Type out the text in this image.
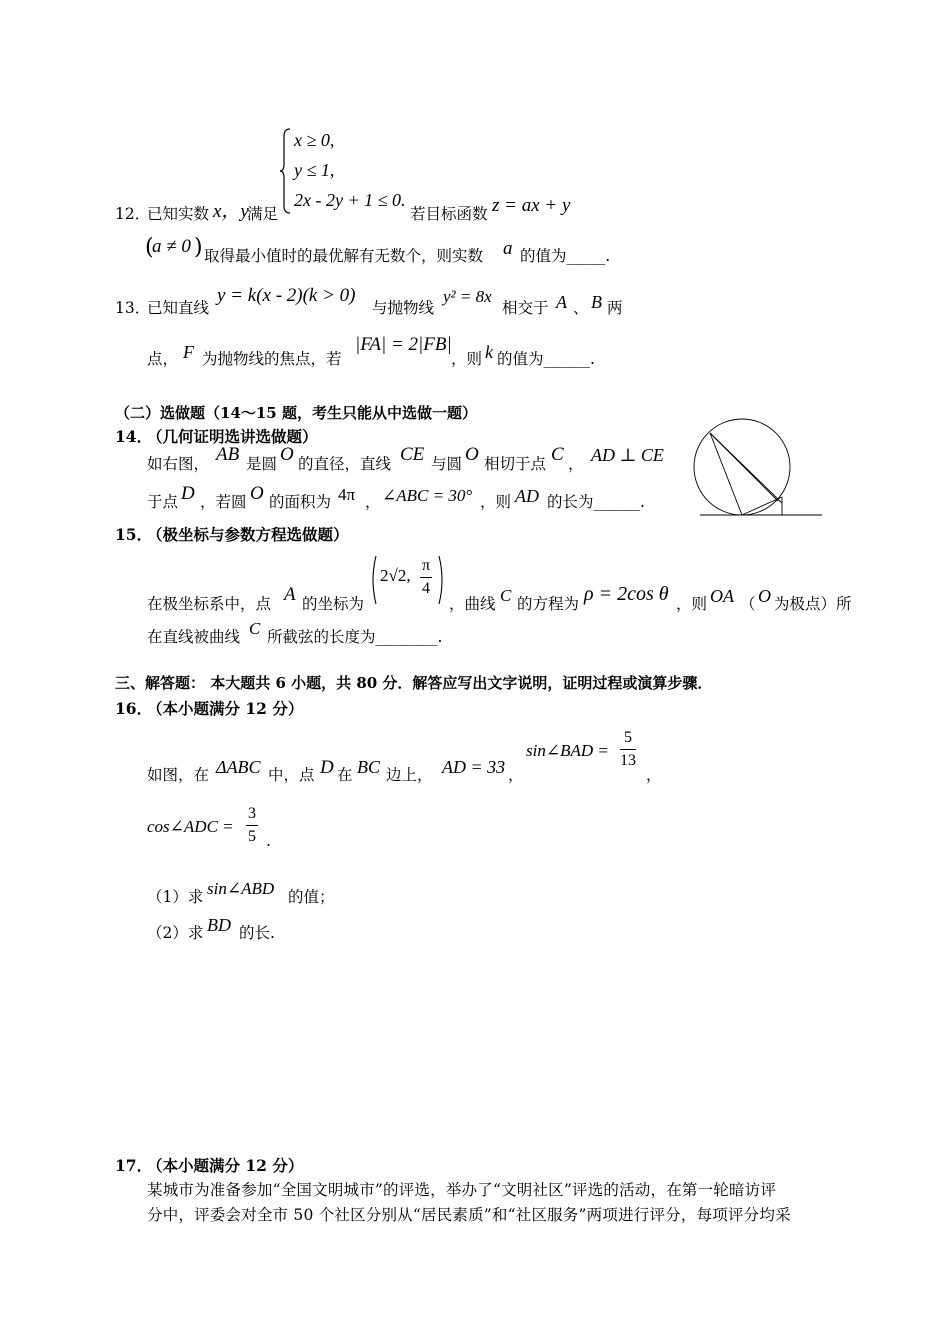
x ≥ 0,
y ≤ 1,
2x - 2y + 1 ≤ 0.
12．
已知实数 x，y
满足	若目标函数 z = ax + y
(
a ≠ 0 ) 取得最小值时的最优解有无数个，则实数 a 的值为_____.
13．
已知直线
y = k(x - 2)(k > 0)
与抛物线
y² = 8x
相交于 A 、 B 两
点， F 为抛物线的焦点，若
|FA| = 2|FB|
，则 k 的值为______.
（二）选做题（14～15 题，考生只能从中选做一题）
14．
（几何证明选讲选做题）
如右图， AB 是圆 O 的直径，直线 CE 与圆 O 相切于点 C ， AD ⊥ CE
于点 D ，若圆 O 的面积为 4π ， ∠ABC = 30° ，则 AD 的长为______.
15．
（极坐标与参数方程选做题）
在极坐标系中，点 A 的坐标为
2√2, $\frac{\pi}{4}$
，曲线 C 的方程为 ρ = 2cos θ ，则 OA （ O 为极点）所
在直线被曲线 C 所截弦的长度为________.
三、解答题： 本大题共 6 小题，共 80 分．解答应写出文字说明，证明过程或演算步骤．
16．
（本小题满分 12 分）
如图，在 ΔABC 中，点 D 在 BC 边上， AD = 33 ，
sin∠BAD = $\frac{5}{13}$
，
cos∠ADC = $\frac{3}{5}$ .
（1）求 sin∠ABD 的值；
（2）求 BD 的长.
17．
（本小题满分 12 分）
某城市为准备参加“全国文明城市”的评选，举办了“文明社区”评选的活动，在第一轮暗访评
分中，评委会对全市 50 个社区分别从“居民素质”和“社区服务”两项进行评分，每项评分均采
